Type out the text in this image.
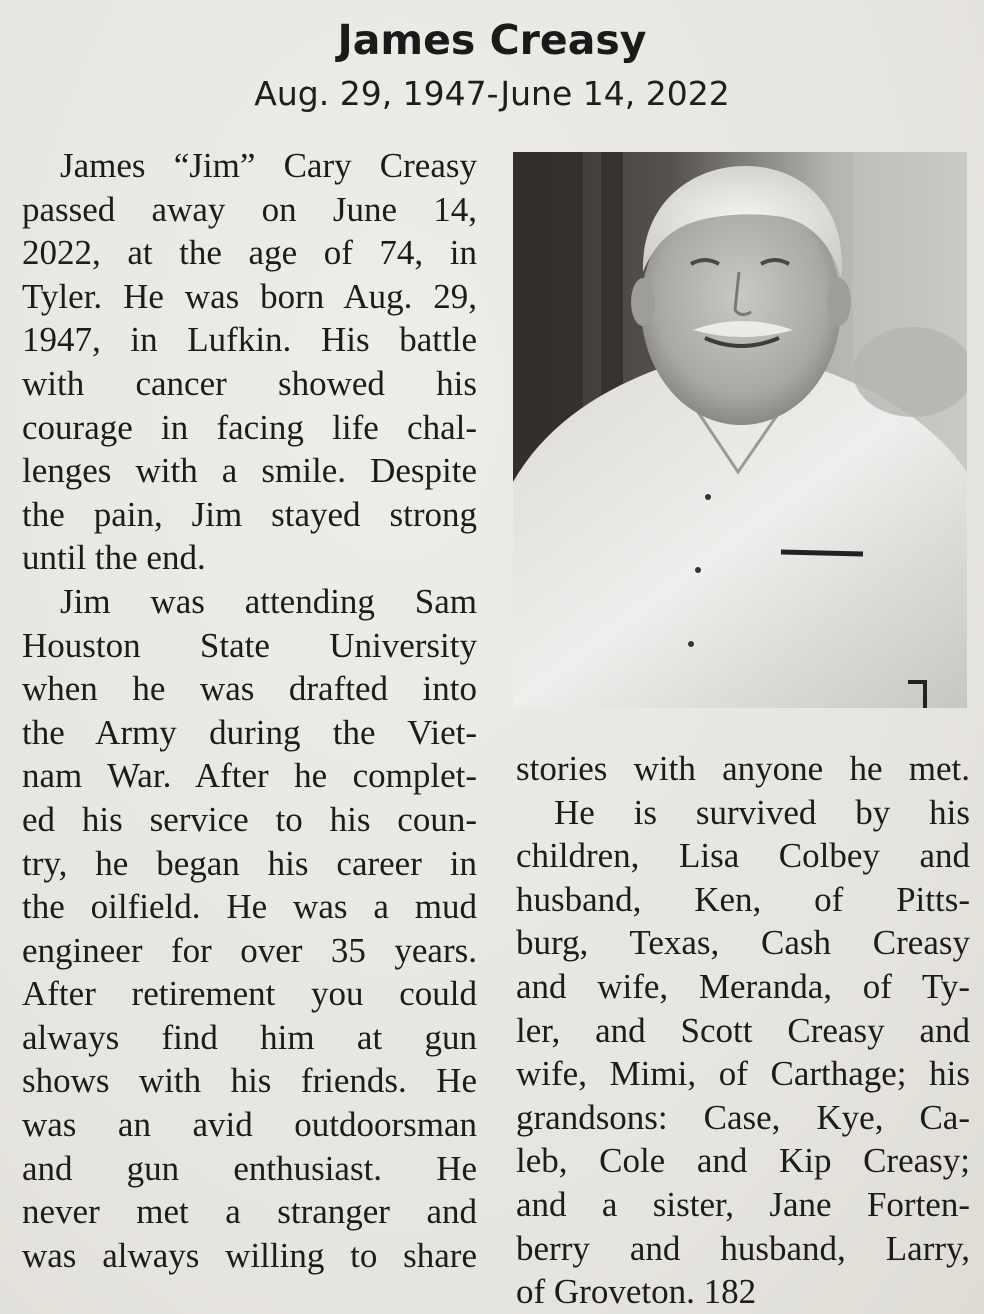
James Creasy
Aug. 29, 1947-June 14, 2022
James “Jim” Cary Creasy
passed away on June 14,
2022, at the age of 74, in
Tyler. He was born Aug. 29,
1947, in Lufkin. His battle
with cancer showed his
courage in facing life chal-
lenges with a smile. Despite
the pain, Jim stayed strong
until the end.
Jim was attending Sam
Houston State University
when he was drafted into
the Army during the Viet-
nam War. After he complet-
ed his service to his coun-
try, he began his career in
the oilfield. He was a mud
engineer for over 35 years.
After retirement you could
always find him at gun
shows with his friends. He
was an avid outdoorsman
and gun enthusiast. He
never met a stranger and
was always willing to share
stories with anyone he met.
He is survived by his
children, Lisa Colbey and
husband, Ken, of Pitts-
burg, Texas, Cash Creasy
and wife, Meranda, of Ty-
ler, and Scott Creasy and
wife, Mimi, of Carthage; his
grandsons: Case, Kye, Ca-
leb, Cole and Kip Creasy;
and a sister, Jane Forten-
berry and husband, Larry,
of Groveton. 182
